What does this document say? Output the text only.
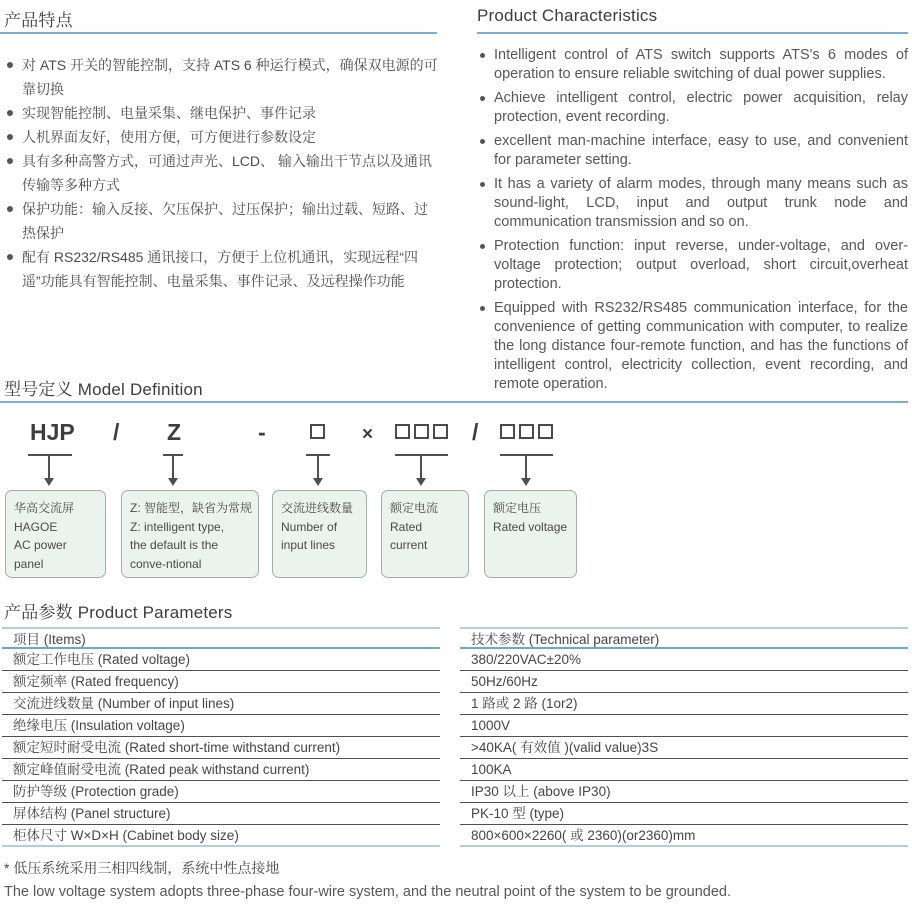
产品特点
对 ATS 开关的智能控制，支持 ATS 6 种运行模式，确保双电源的可靠切换
实现智能控制、电量采集、继电保护、事件记录
人机界面友好，使用方便，可方便进行参数设定
具有多种高警方式，可通过声光、LCD、 输入输出干节点以及通讯传输等多种方式
保护功能：输入反接、欠压保护、过压保护；输出过载、短路、过热保护
配有 RS232/RS485 通讯接口，方便于上位机通讯，实现远程“四遥”功能具有智能控制、电量采集、事件记录、及远程操作功能
Product Characteristics
Intelligent control of ATS switch supports ATS's 6 modes of operation to ensure reliable switching of dual power supplies.
Achieve intelligent control, electric power acquisition, relay protection, event recording.
excellent man-machine interface, easy to use, and convenient for parameter setting.
It has a variety of alarm modes, through many means such as sound-light, LCD, input and output trunk node and communication transmission and so on.
Protection function: input reverse, under-voltage, and over-voltage protection; output overload, short circuit,overheat protection.
Equipped with RS232/RS485 communication interface, for the convenience of getting communication with computer, to realize the long distance four-remote function, and has the functions of intelligent control, electricity collection, event recording, and remote operation.
型号定义 Model Definition
HJP / Z	-	×	/
华高交流屏
HAGOE
AC power panel
Z: 智能型，缺省为常规
Z: intelligent type,
the default is the
conve-ntional
交流进线数量
Number of
input lines
额定电流
Rated current
额定电压
Rated voltage
产品参数 Product Parameters
项目 (Items)	技术参数 (Technical parameter)
额定工作电压 (Rated voltage)	380/220VAC±20%
额定频率 (Rated frequency)	50Hz/60Hz
交流进线数量 (Number of input lines)	1 路或 2 路 (1or2)
绝缘电压 (Insulation voltage)	1000V
额定短时耐受电流 (Rated short-time withstand current)	>40KA( 有效值 )(valid value)3S
额定峰值耐受电流 (Rated peak withstand current)	100KA
防护等级 (Protection grade)	IP30 以上 (above IP30)
屏体结构 (Panel structure)	PK-10 型 (type)
柜体尺寸 W×D×H (Cabinet body size)	800×600×2260( 或 2360)(or2360)mm
* 低压系统采用三相四线制，系统中性点接地
The low voltage system adopts three-phase four-wire system, and the neutral point of the system to be grounded.
